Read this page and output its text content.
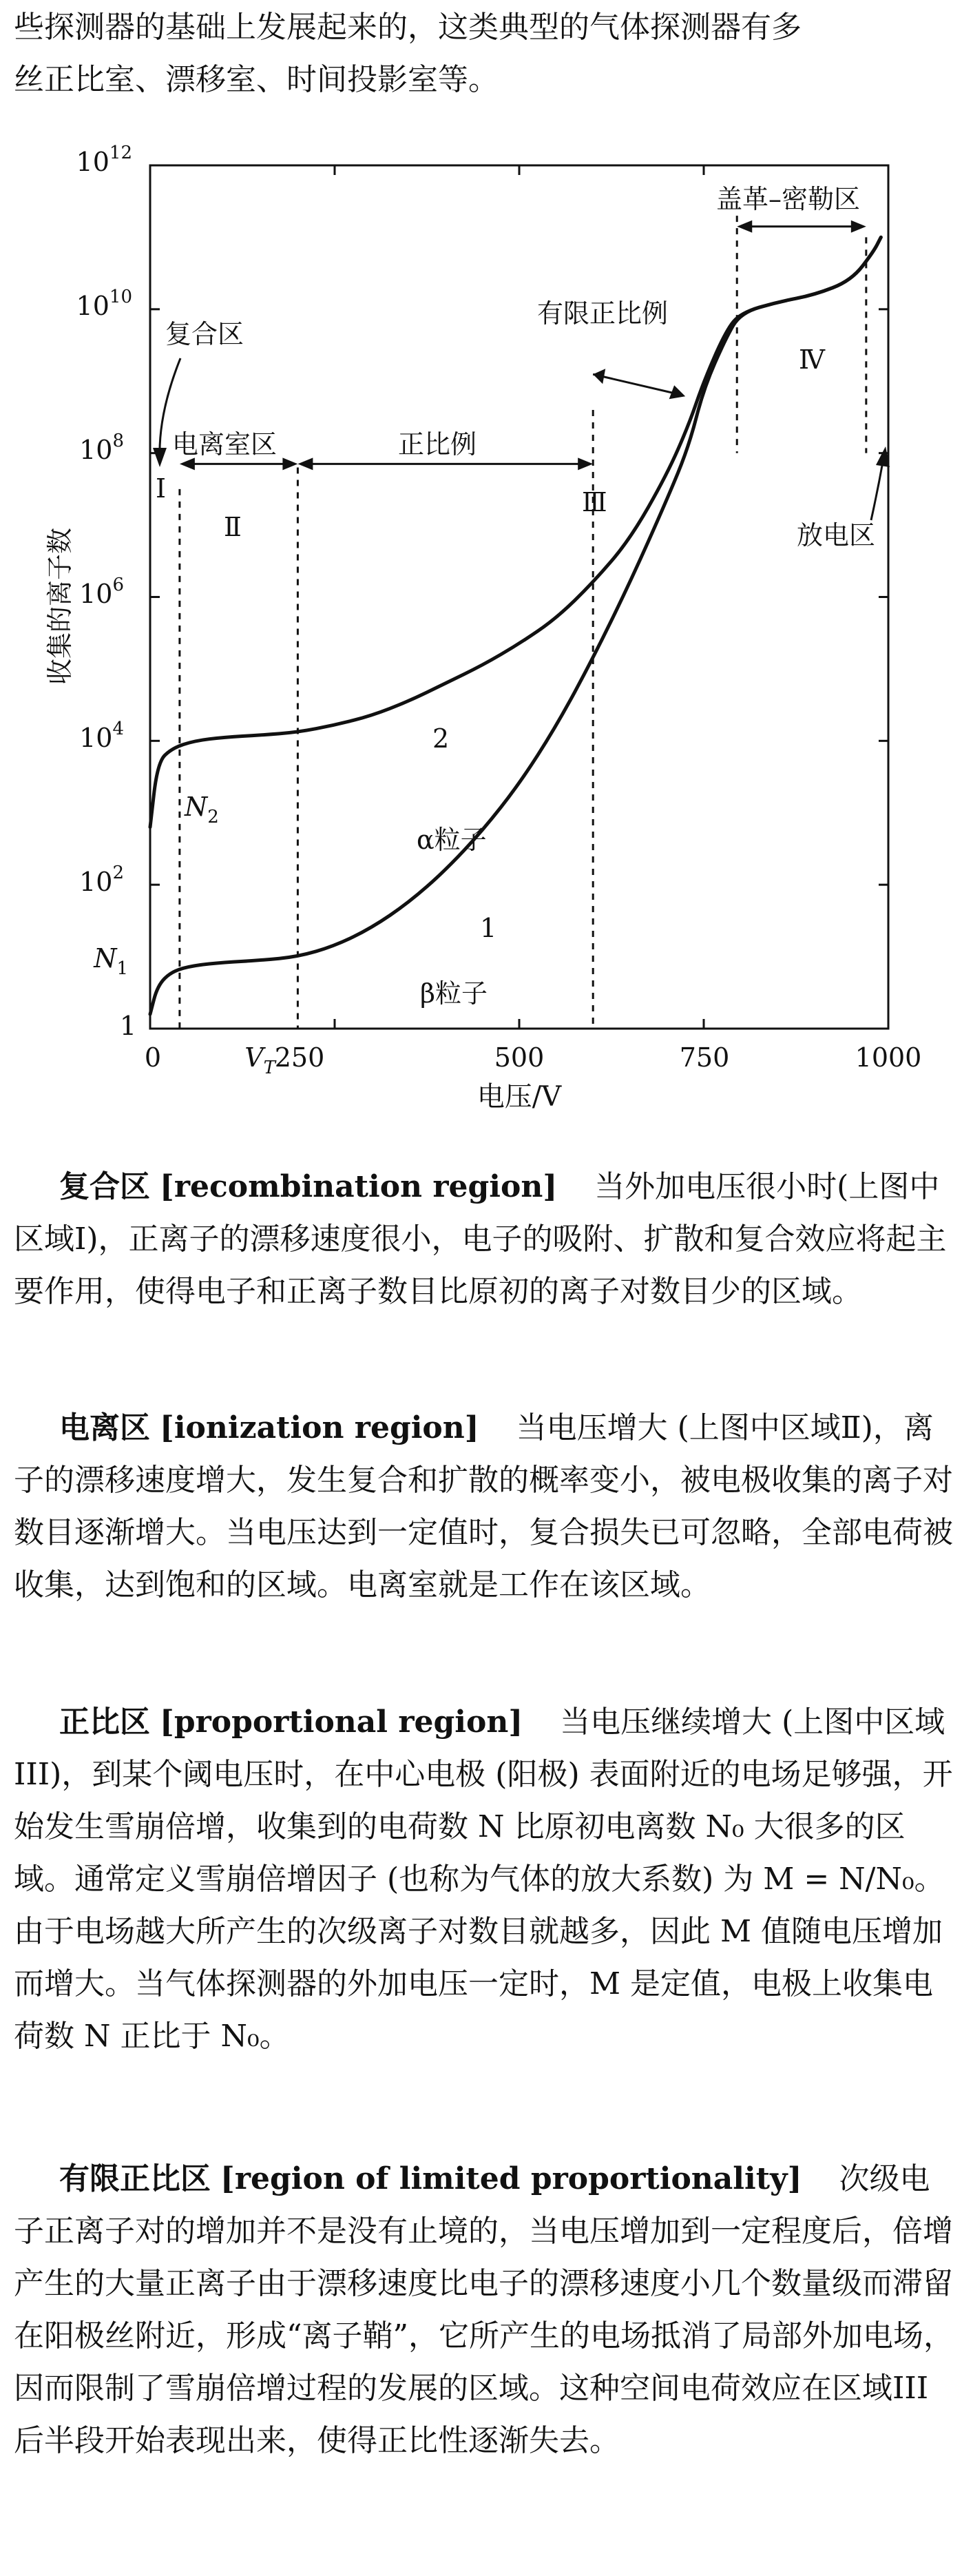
些探测器的基础上发展起来的，这类典型的气体探测器有多
丝正比室、漂移室、时间投影室等。
收集的离子数
1
$N_1$
$10^2$
$10^4$
$10^6$
$10^8$
$10^{10}$
$10^{12}$
0	$V_T$
250	500	750	1000
电压/V
复合区
电离室区	正比例
有限正比例
盖革–密勒区
放电区
Ⅰ
Ⅱ
Ⅲ
Ⅳ
2
1
α粒子
β粒子
$N_2$

复合区 [recombination region] 当外加电压很小时(上图中区域Ⅰ)，正离子的漂移速度很小，电子的吸附、扩散和复合效应将起主要作用，使得电子和正离子数目比原初的离子对数目少的区域。

电离区 [ionization region] 当电压增大 (上图中区域Ⅱ)，离子的漂移速度增大，发生复合和扩散的概率变小，被电极收集的离子对数目逐渐增大。当电压达到一定值时，复合损失已可忽略，全部电荷被收集，达到饱和的区域。电离室就是工作在该区域。

正比区 [proportional region] 当电压继续增大 (上图中区域III)，到某个阈电压时，在中心电极 (阳极) 表面附近的电场足够强，开始发生雪崩倍增，收集到的电荷数 N 比原初电离数 N₀ 大很多的区域。通常定义雪崩倍增因子 (也称为气体的放大系数) 为 M = N/N₀。由于电场越大所产生的次级离子对数目就越多，因此 M 值随电压增加而增大。当气体探测器的外加电压一定时，M 是定值，电极上收集电荷数 N 正比于 N₀。

有限正比区 [region of limited proportionality] 次级电子正离子对的增加并不是没有止境的，当电压增加到一定程度后，倍增产生的大量正离子由于漂移速度比电子的漂移速度小几个数量级而滞留在阳极丝附近，形成“离子鞘”，它所产生的电场抵消了局部外加电场，因而限制了雪崩倍增过程的发展的区域。这种空间电荷效应在区域III后半段开始表现出来，使得正比性逐渐失去。
